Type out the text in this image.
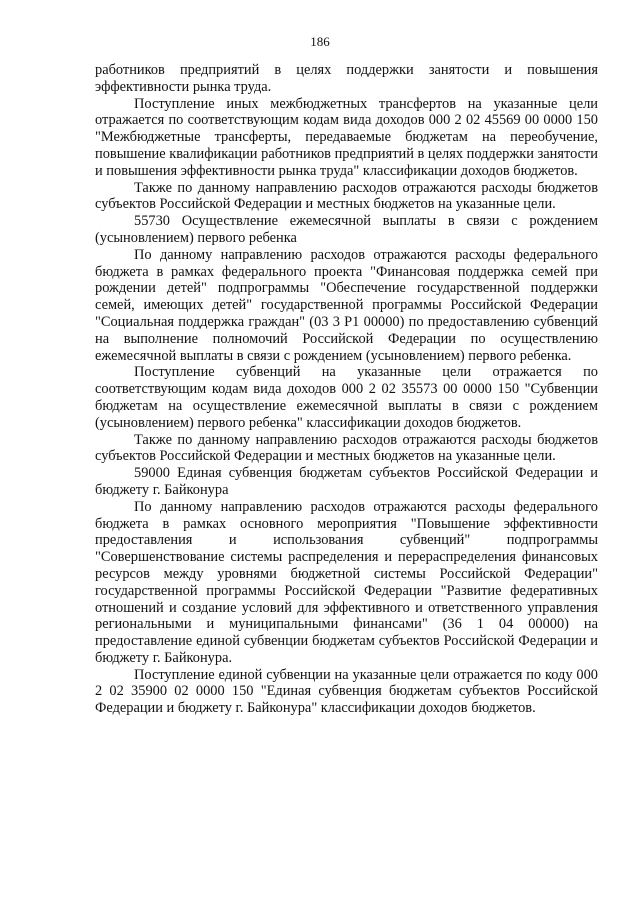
186

работников предприятий в целях поддержки занятости и повышения эффективности рынка труда.

Поступление иных межбюджетных трансфертов на указанные цели отражается по соответствующим кодам вида доходов 000 2 02 45569 00 0000 150 "Межбюджетные трансферты, передаваемые бюджетам на переобучение, повышение квалификации работников предприятий в целях поддержки занятости и повышения эффективности рынка труда" классификации доходов бюджетов.

Также по данному направлению расходов отражаются расходы бюджетов субъектов Российской Федерации и местных бюджетов на указанные цели.

55730 Осуществление ежемесячной выплаты в связи с рождением (усыновлением) первого ребенка

По данному направлению расходов отражаются расходы федерального бюджета в рамках федерального проекта "Финансовая поддержка семей при рождении детей" подпрограммы "Обеспечение государственной поддержки семей, имеющих детей" государственной программы Российской Федерации "Социальная поддержка граждан" (03 3 P1 00000) по предоставлению субвенций на выполнение полномочий Российской Федерации по осуществлению ежемесячной выплаты в связи с рождением (усыновлением) первого ребенка.

Поступление субвенций на указанные цели отражается по соответствующим кодам вида доходов 000 2 02 35573 00 0000 150 "Субвенции бюджетам на осуществление ежемесячной выплаты в связи с рождением (усыновлением) первого ребенка" классификации доходов бюджетов.

Также по данному направлению расходов отражаются расходы бюджетов субъектов Российской Федерации и местных бюджетов на указанные цели.

59000 Единая субвенция бюджетам субъектов Российской Федерации и бюджету г. Байконура

По данному направлению расходов отражаются расходы федерального бюджета в рамках основного мероприятия "Повышение эффективности предоставления и использования субвенций" подпрограммы "Совершенствование системы распределения и перераспределения финансовых ресурсов между уровнями бюджетной системы Российской Федерации" государственной программы Российской Федерации "Развитие федеративных отношений и создание условий для эффективного и ответственного управления региональными и муниципальными финансами" (36 1 04 00000) на предоставление единой субвенции бюджетам субъектов Российской Федерации и бюджету г. Байконура.

Поступление единой субвенции на указанные цели отражается по коду 000 2 02 35900 02 0000 150 "Единая субвенция бюджетам субъектов Российской Федерации и бюджету г. Байконура" классификации доходов бюджетов.
